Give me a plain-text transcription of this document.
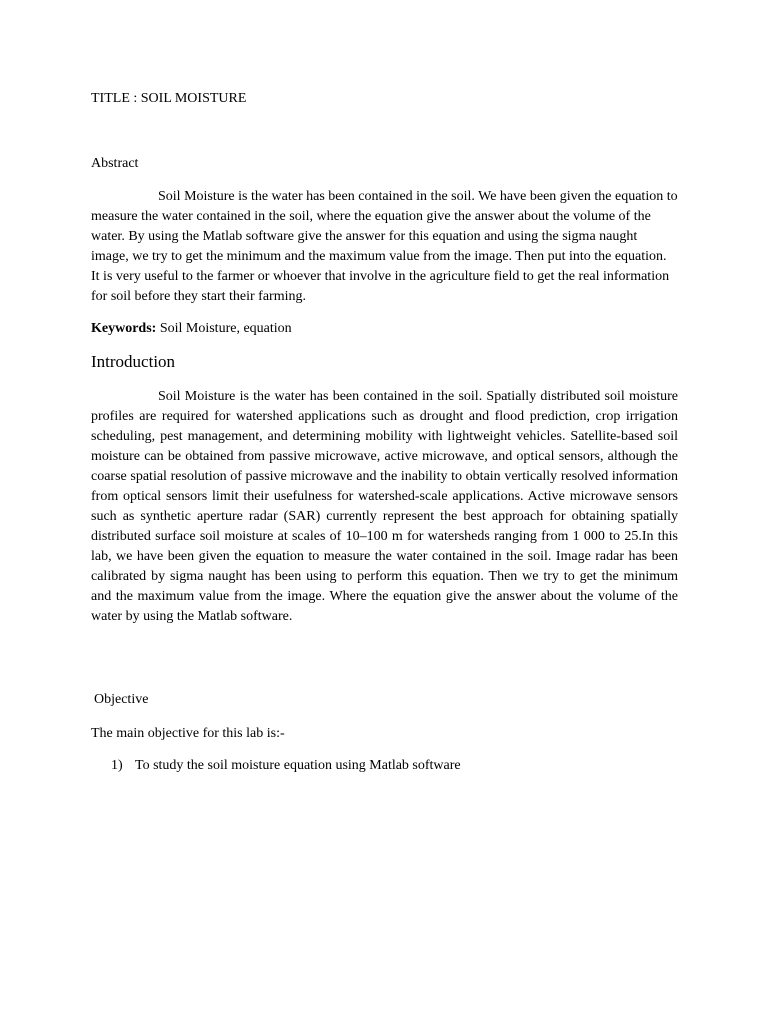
TITLE : SOIL MOISTURE

Abstract

Soil Moisture is the water has been contained in the soil. We have been given the equation to measure the water contained in the soil, where the equation give the answer about the volume of the water. By using the Matlab software give the answer for this equation and using the sigma naught image, we try to get the minimum and the maximum value from the image. Then put into the equation. It is very useful to the farmer or whoever that involve in the agriculture field to get the real information for soil before they start their farming.

Keywords: Soil Moisture, equation

Introduction

Soil Moisture is the water has been contained in the soil. Spatially distributed soil moisture profiles are required for watershed applications such as drought and flood prediction, crop irrigation scheduling, pest management, and determining mobility with lightweight vehicles. Satellite-based soil moisture can be obtained from passive microwave, active microwave, and optical sensors, although the coarse spatial resolution of passive microwave and the inability to obtain vertically resolved information from optical sensors limit their usefulness for watershed-scale applications. Active microwave sensors such as synthetic aperture radar (SAR) currently represent the best approach for obtaining spatially distributed surface soil moisture at scales of 10–100 m for watersheds ranging from 1 000 to 25.In this lab, we have been given the equation to measure the water contained in the soil. Image radar has been calibrated by sigma naught has been using to perform this equation. Then we try to get the minimum and the maximum value from the image. Where the equation give the answer about the volume of the water by using the Matlab software.

Objective

The main objective for this lab is:-

1) To study the soil moisture equation using Matlab software
